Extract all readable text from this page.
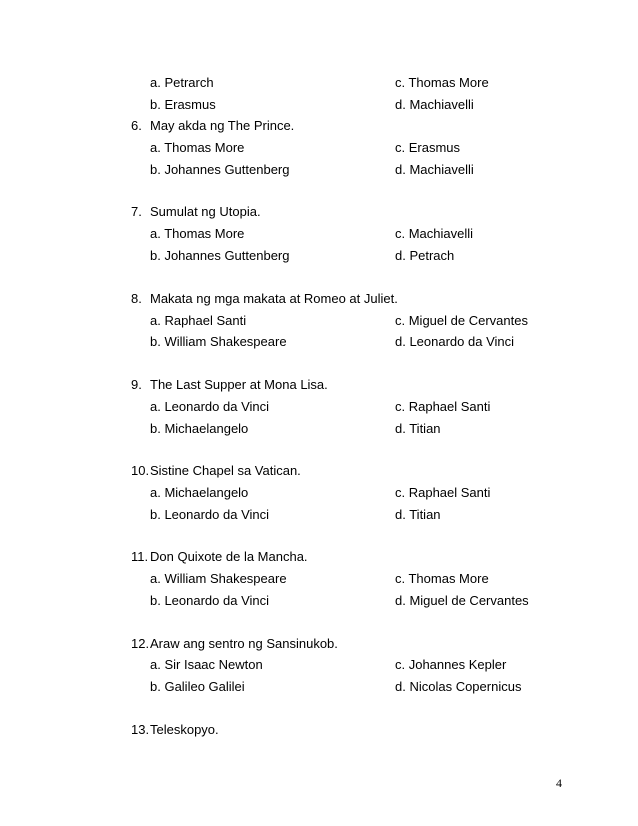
a. Petrarch	c. Thomas More
b. Erasmus	d. Machiavelli
6. May akda ng The Prince.
a. Thomas More	c. Erasmus
b. Johannes Guttenberg	d. Machiavelli
7. Sumulat ng Utopia.
a. Thomas More	c. Machiavelli
b. Johannes Guttenberg	d. Petrach
8. Makata ng mga makata at Romeo at Juliet.
a. Raphael Santi	c. Miguel de Cervantes
b. William Shakespeare	d. Leonardo da Vinci
9. The Last Supper at Mona Lisa.
a. Leonardo da Vinci	c. Raphael Santi
b. Michaelangelo	d. Titian
10. Sistine Chapel sa Vatican.
a. Michaelangelo	c. Raphael Santi
b. Leonardo da Vinci	d. Titian
11. Don Quixote de la Mancha.
a. William Shakespeare	c. Thomas More
b. Leonardo da Vinci	d. Miguel de Cervantes
12. Araw ang sentro ng Sansinukob.
a. Sir Isaac Newton	c. Johannes Kepler
b. Galileo Galilei	d. Nicolas Copernicus
13. Teleskopyo.
4
